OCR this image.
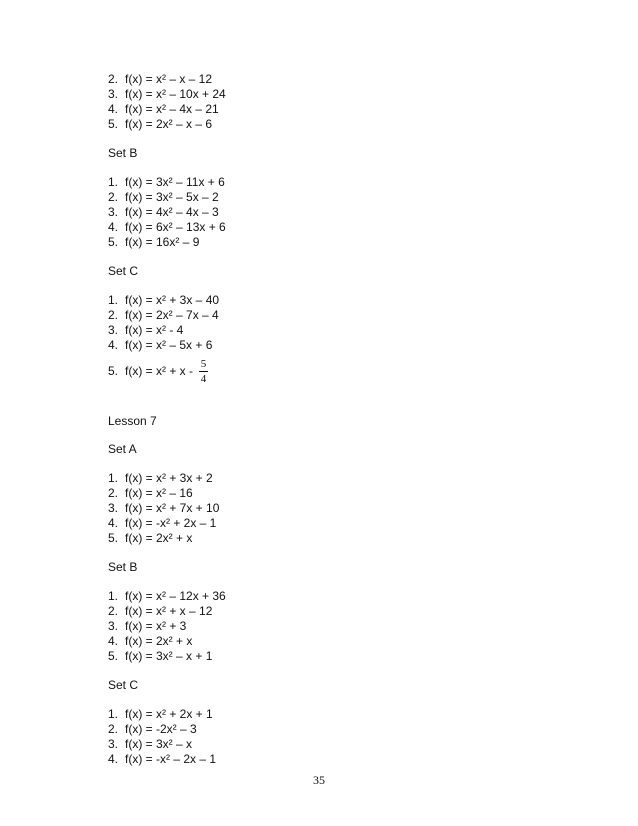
2. f(x) = x² – x – 12
3. f(x) = x² – 10x + 24
4. f(x) = x² – 4x – 21
5. f(x) = 2x² – x – 6
Set B
1. f(x) = 3x² – 11x + 6
2. f(x) = 3x² – 5x – 2
3. f(x) = 4x² – 4x – 3
4. f(x) = 6x² – 13x + 6
5. f(x) = 16x² – 9
Set C
1. f(x) = x² + 3x – 40
2. f(x) = 2x² – 7x – 4
3. f(x) = x² - 4
4. f(x) = x² – 5x + 6
5. $f(x) = x^2 + x - \frac{5}{4}$
Lesson 7
Set A
1. f(x) = x² + 3x + 2
2. f(x) = x² – 16
3. f(x) = x² + 7x + 10
4. f(x) = -x² + 2x – 1
5. f(x) = 2x² + x
Set B
1. f(x) = x² – 12x + 36
2. f(x) = x² + x – 12
3. f(x) = x² + 3
4. f(x) = 2x² + x
5. f(x) = 3x² – x + 1
Set C
1. f(x) = x² + 2x + 1
2. f(x) = -2x² – 3
3. f(x) = 3x² – x
4. f(x) = -x² – 2x – 1
35
